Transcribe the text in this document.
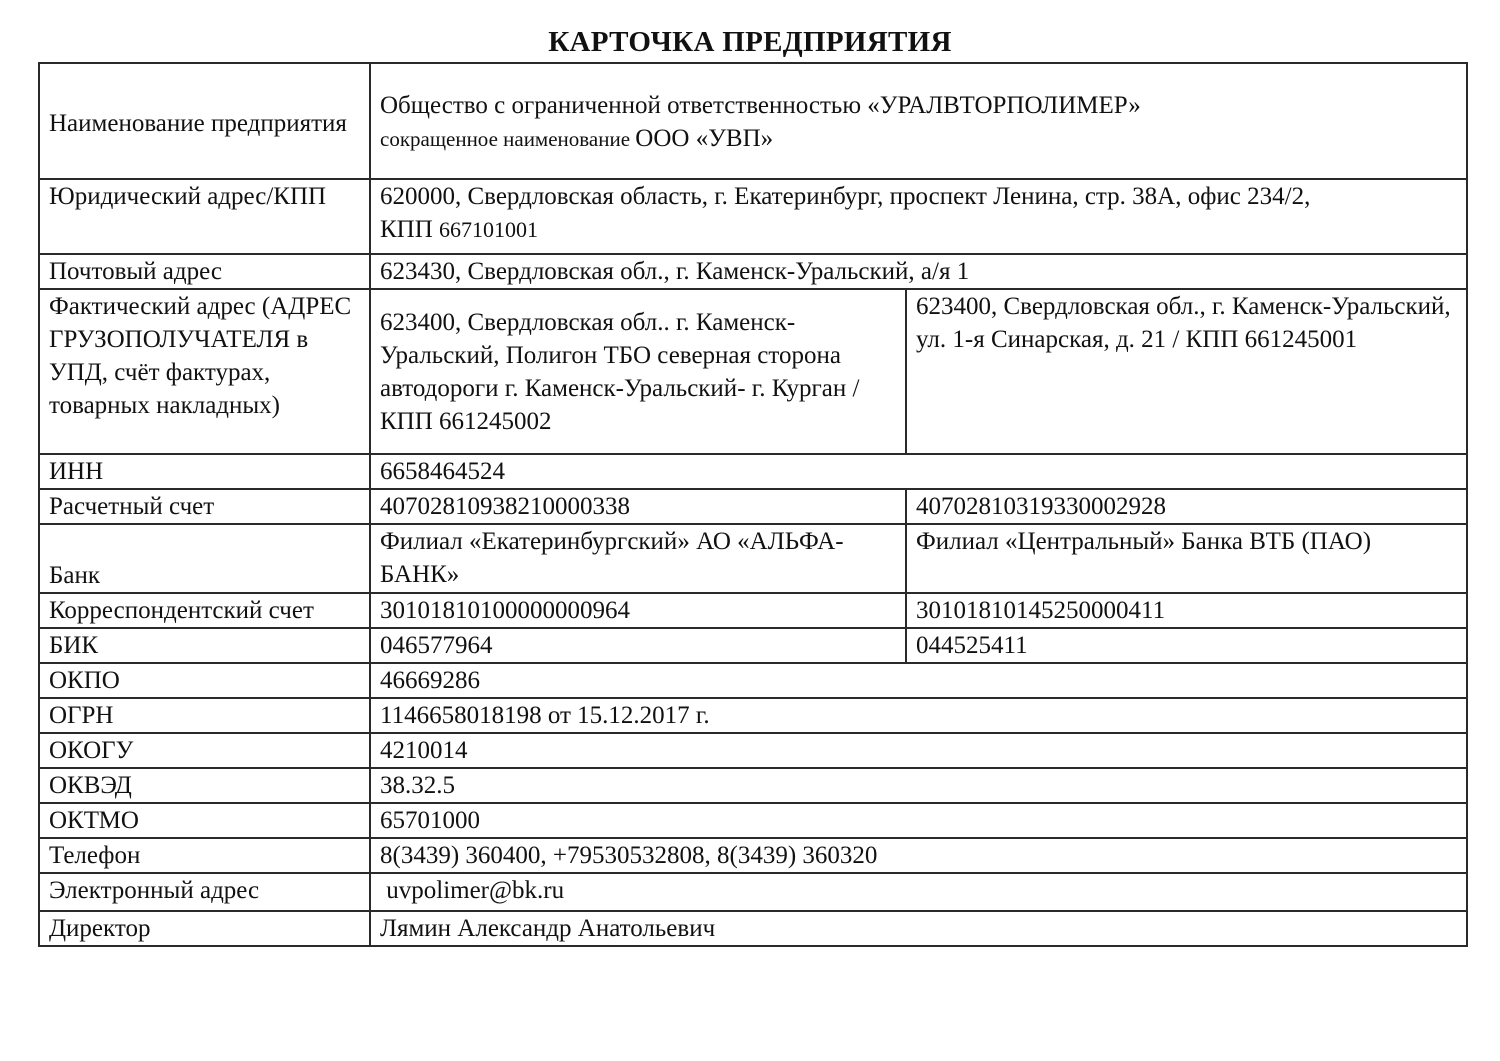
КАРТОЧКА ПРЕДПРИЯТИЯ
Наименование предприятия	Общество с ограниченной ответственностью «УРАЛВТОРПОЛИМЕР»
сокращенное наименование ООО «УВП»	
Юридический адрес/КПП	620000, Свердловская область, г. Екатеринбург, проспект Ленина, стр. 38А, офис 234/2,
КПП 667101001	
Почтовый адрес	623430, Свердловская обл., г. Каменск-Уральский, а/я 1	
Фактический адрес (АДРЕС ГРУЗОПОЛУЧАТЕЛЯ в УПД, счёт фактурах, товарных накладных)	623400, Свердловская обл.. г. Каменск-Уральский, Полигон ТБО северная сторона автодороги г. Каменск-Уральский- г. Курган / КПП 661245002	623400, Свердловская обл., г. Каменск-Уральский, ул. 1-я Синарская, д. 21 / КПП 661245001
ИНН	6658464524	
Расчетный счет	40702810938210000338	40702810319330002928
Банк	Филиал «Екатеринбургский» АО «АЛЬФА-БАНК»	Филиал «Центральный» Банка ВТБ (ПАО)
Корреспондентский счет	30101810100000000964	30101810145250000411
БИК	046577964	044525411
ОКПО	46669286	
ОГРН	1146658018198 от 15.12.2017 г.	
ОКОГУ	4210014	
ОКВЭД	38.32.5	
ОКТМО	65701000	
Телефон	8(3439) 360400, +79530532808, 8(3439) 360320	
Электронный адрес	uvpolimer@bk.ru	
Директор	Лямин Александр Анатольевич	
